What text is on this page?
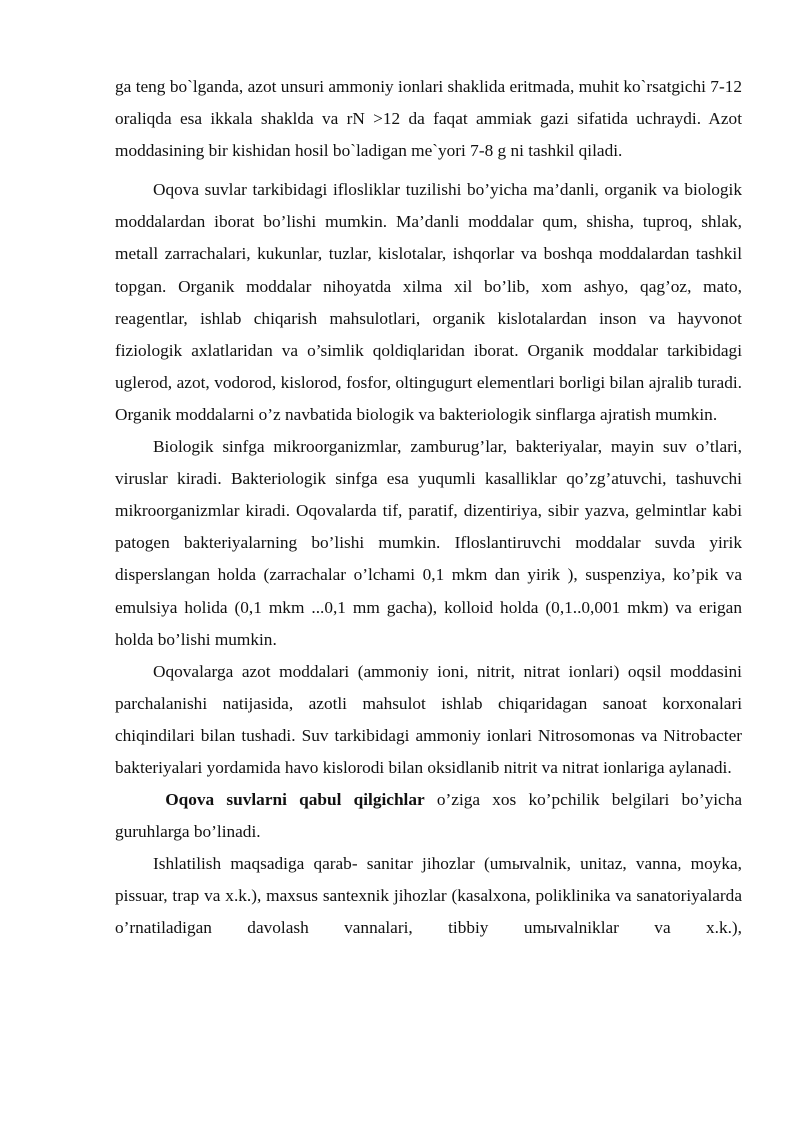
ga teng bo`lganda, azot unsuri ammoniy ionlari shaklida eritmada, muhit ko`rsatgichi 7-12 oraliqda esa ikkala shaklda va rN >12 da faqat ammiak gazi sifatida uchraydi. Azot moddasining bir kishidan hosil bo`ladigan me`yori 7-8 g ni tashkil qiladi.

Oqova suvlar tarkibidagi iflosliklаr tuzilishi bo’yicha ma’danli, organik va biologik moddalardan iborat bo’lishi mumkin. Ma’danli moddalar qum, shisha, tuproq, shlak, metall zarrachalari, kukunlar, tuzlar, kislotalar, ishqorlar va boshqa moddalardan tashkil topgan. Organik moddalar nihoyatda xilma xil bo’lib, xom ashyo, qag’oz, mato, reagentlar, ishlab chiqarish mahsulotlari, organik kislotalardan inson va hayvonot fiziologik axlatlaridan va o’simlik qoldiqlaridan iborat. Organik moddalar tarkibidagi uglerod, azot, vodorod, kislorod, fosfor, oltingugurt elementlari borligi bilan ajralib turadi. Organik moddalarni o’z navbatida biologik va bakteriologik sinflarga ajratish mumkin.

Biologik sinfga mikroorganizmlar, zamburug’lar, bakteriyalar, mayin suv o’tlari, viruslar kiradi. Bakteriologik sinfga esa yuqumli kasalliklar qo’zg’atuvchi, tashuvchi mikroorganizmlar kiradi. Oqovalarda tif, paratif, dizentiriya, sibir yazva, gelmintlar kabi patogen bakteriyalarning bo’lishi mumkin. Ifloslantiruvchi moddalar suvda yirik disperslangan holda (zarrachalar o’lchami 0,1 mkm dan yirik ), suspenziya, ko’pik va emulsiya holida (0,1 mkm ...0,1 mm gacha), kolloid holda (0,1..0,001 mkm) va erigan holda bo’lishi mumkin.

Oqovalarga azot moddalari (ammoniy ioni, nitrit, nitrat ionlari) oqsil moddasini parchalanishi natijasida, azotli mahsulot ishlab chiqaridagan sanoat korxonalari chiqindilari bilan tushadi. Suv tarkibidagi ammoniy ionlari Nitrosomonas va Nitrobacter bakteriyalari yordamida havo kislorodi bilan oksidlanib nitrit va nitrat ionlariga aylanadi.

Oqova suvlarni qabul qilgichlar o’ziga xos ko’pchilik belgilari bo’yicha guruhlarga bo’linadi.

Ishlatilish maqsadiga qarab- sanitar jihozlar (umыvalnik, unitaz, vanna, moyka, pissuar, trap va x.k.), maxsus santexnik jihozlar (kasalxona, poliklinika va sanatoriyalarda o’rnatiladigan davolash vannalari, tibbiy umыvalniklar va x.k.),
